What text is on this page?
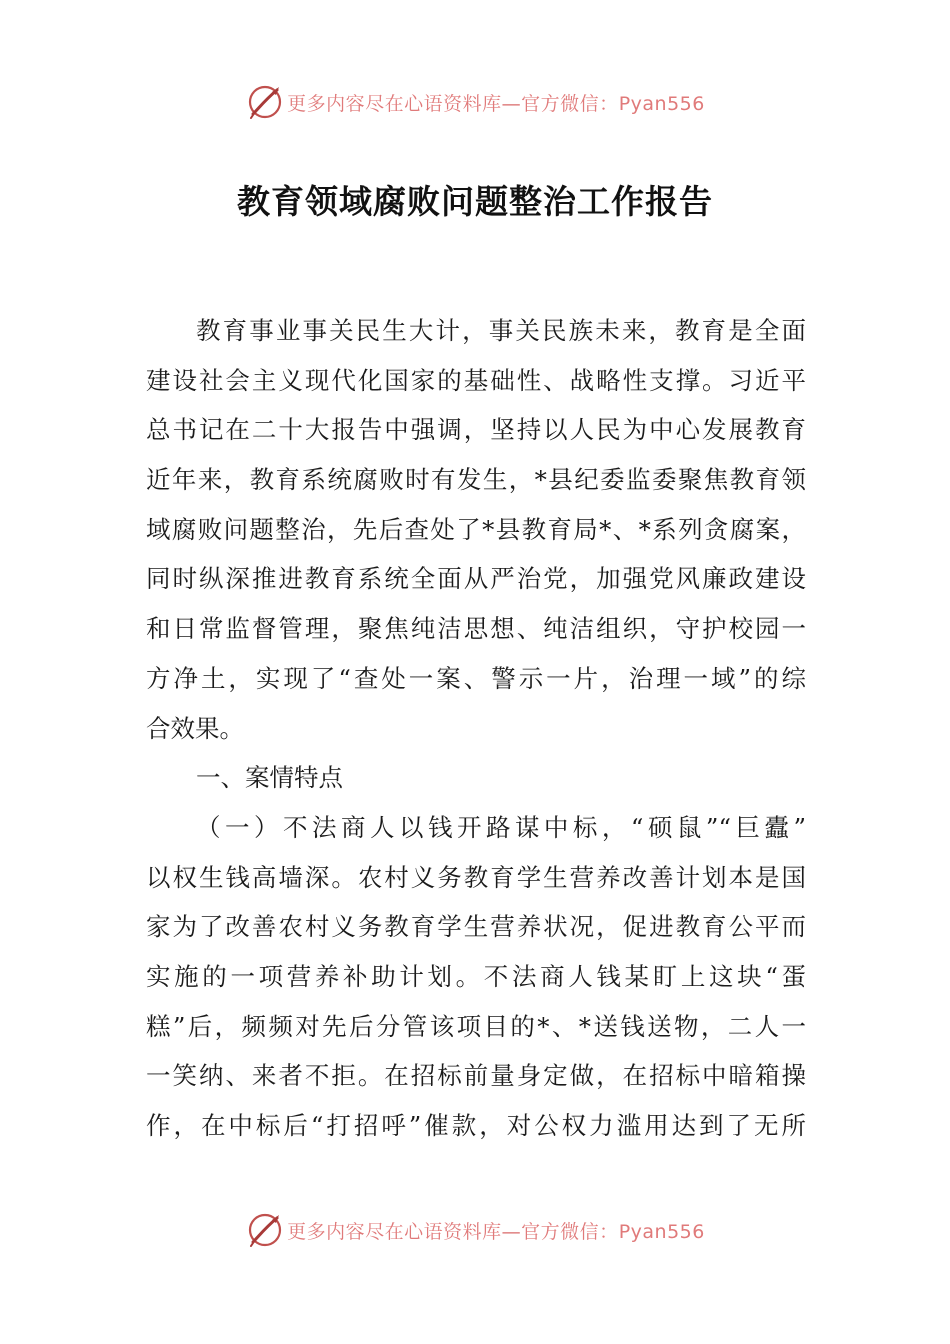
更多内容尽在心语资料库—官方微信：Pyan556
教育领域腐败问题整治工作报告
教育事业事关民生大计，事关民族未来，教育是全面
建设社会主义现代化国家的基础性、战略性支撑。习近平
总书记在二十大报告中强调，坚持以人民为中心发展教育
近年来，教育系统腐败时有发生，*县纪委监委聚焦教育领
域腐败问题整治，先后查处了*县教育局*、*系列贪腐案，
同时纵深推进教育系统全面从严治党，加强党风廉政建设
和日常监督管理，聚焦纯洁思想、纯洁组织，守护校园一
方净土，实现了“查处一案、警示一片，治理一域”的综
合效果。
一、案情特点
（一）不法商人以钱开路谋中标，“硕鼠”“巨蠹”
以权生钱高墙深。农村义务教育学生营养改善计划本是国
家为了改善农村义务教育学生营养状况，促进教育公平而
实施的一项营养补助计划。不法商人钱某盯上这块“蛋
糕”后，频频对先后分管该项目的*、*送钱送物，二人一
一笑纳、来者不拒。在招标前量身定做，在招标中暗箱操
作，在中标后“打招呼”催款，对公权力滥用达到了无所
更多内容尽在心语资料库—官方微信：Pyan556
